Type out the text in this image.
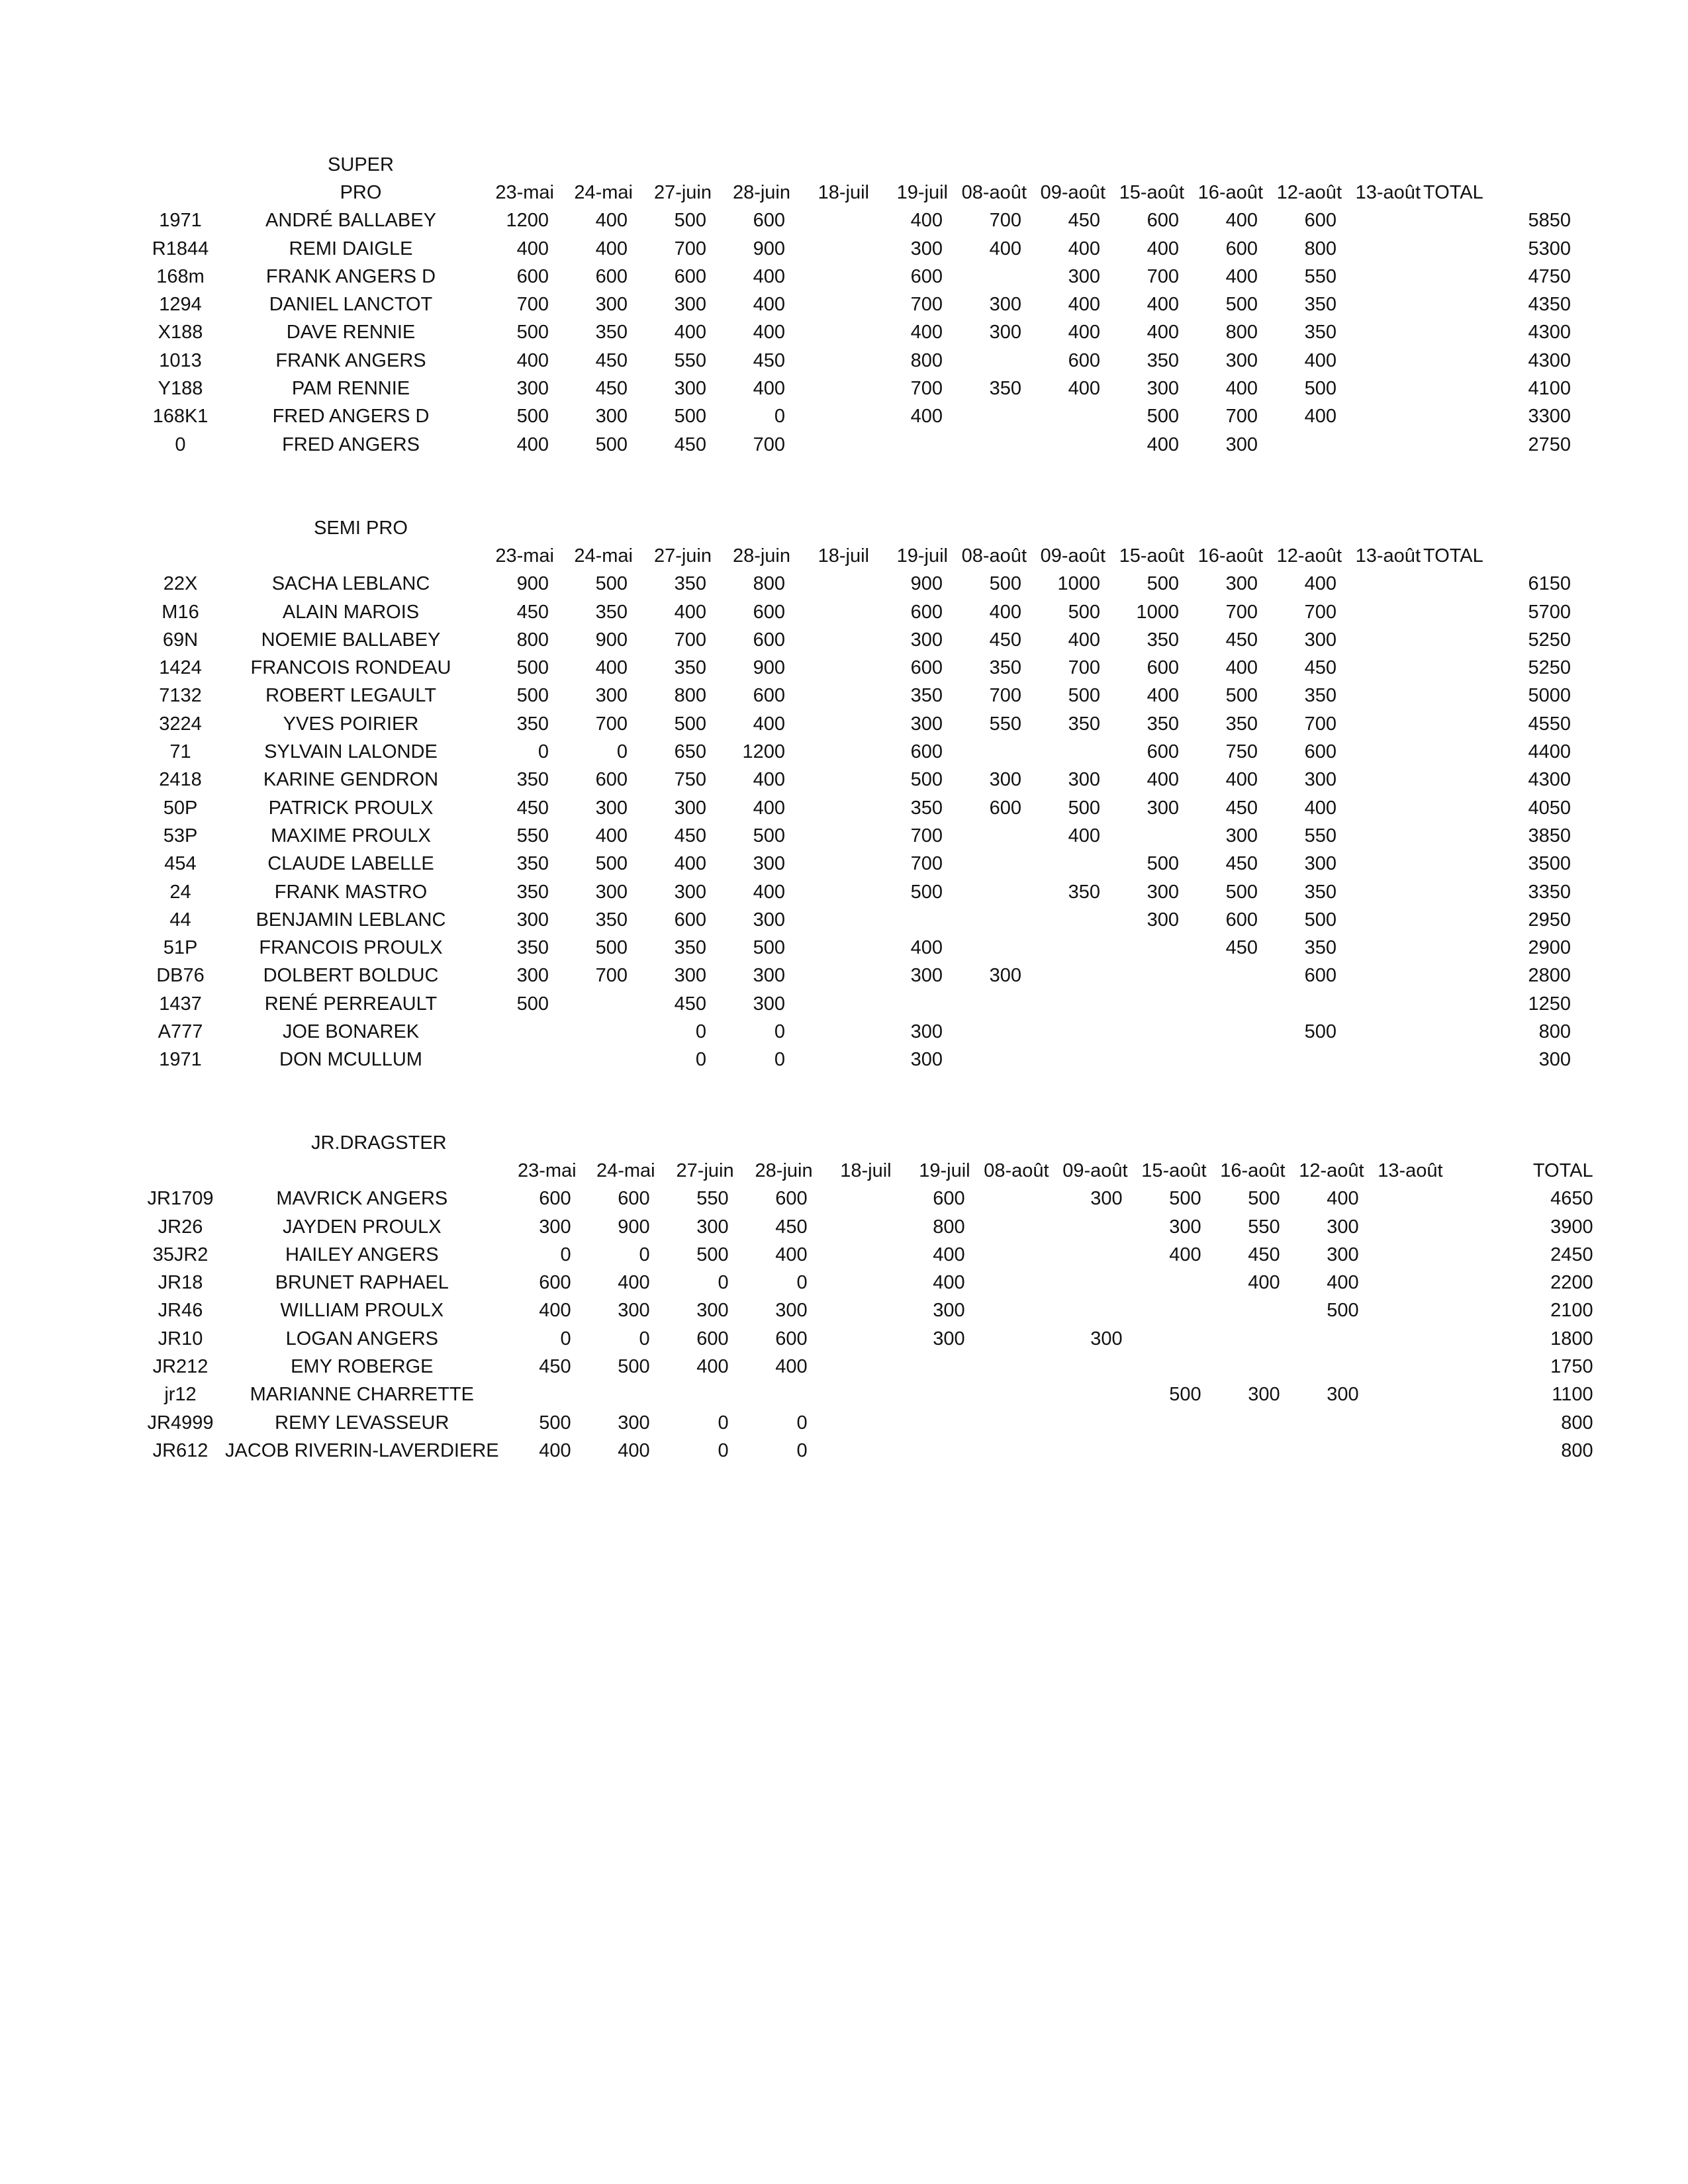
SUPER PRO
			23-mai	24-mai	27-juin	28-juin	18-juil	19-juil	08-août	09-août	15-août	16-août	12-août	13-août	TOTAL
1971	ANDRÉ BALLABEY	1200	400	500	600		400	700	450	600	400	600		5850
R1844	REMI DAIGLE	400	400	700	900		300	400	400	400	600	800		5300
168m	FRANK ANGERS D	600	600	600	400		600		300	700	400	550		4750
1294	DANIEL LANCTOT	700	300	300	400		700	300	400	400	500	350		4350
X188	DAVE RENNIE	500	350	400	400		400	300	400	400	800	350		4300
1013	FRANK ANGERS	400	450	550	450		800		600	350	300	400		4300
Y188	PAM RENNIE	300	450	300	400		700	350	400	300	400	500		4100
168K1	FRED ANGERS D	500	300	500	0		400			500	700	400		3300
0	FRED ANGERS	400	500	450	700					400	300			2750
SEMI PRO
		23-mai	24-mai	27-juin	28-juin	18-juil	19-juil	08-août	09-août	15-août	16-août	12-août	13-août	TOTAL
22X	SACHA LEBLANC	900	500	350	800		900	500	1000	500	300	400		6150
M16	ALAIN MAROIS	450	350	400	600		600	400	500	1000	700	700		5700
69N	NOEMIE BALLABEY	800	900	700	600		300	450	400	350	450	300		5250
1424	FRANCOIS RONDEAU	500	400	350	900		600	350	700	600	400	450		5250
7132	ROBERT LEGAULT	500	300	800	600		350	700	500	400	500	350		5000
3224	YVES POIRIER	350	700	500	400		300	550	350	350	350	700		4550
71	SYLVAIN LALONDE	0	0	650	1200		600			600	750	600		4400
2418	KARINE GENDRON	350	600	750	400		500	300	300	400	400	300		4300
50P	PATRICK PROULX	450	300	300	400		350	600	500	300	450	400		4050
53P	MAXIME PROULX	550	400	450	500		700		400		300	550		3850
454	CLAUDE LABELLE	350	500	400	300		700			500	450	300		3500
24	FRANK MASTRO	350	300	300	400		500		350	300	500	350		3350
44	BENJAMIN LEBLANC	300	350	600	300					300	600	500		2950
51P	FRANCOIS PROULX	350	500	350	500		400				450	350		2900
DB76	DOLBERT BOLDUC	300	700	300	300		300	300				600		2800
1437	RENÉ PERREAULT	500		450	300									1250
A777	JOE BONAREK			0	0		300					500		800
1971	DON MCULLUM			0	0		300							300
JR.DRAGSTER
		23-mai	24-mai	27-juin	28-juin	18-juil	19-juil	08-août	09-août	15-août	16-août	12-août	13-août	TOTAL
JR1709	MAVRICK ANGERS	600	600	550	600		600		300	500	500	400		4650
JR26	JAYDEN PROULX	300	900	300	450		800			300	550	300		3900
35JR2	HAILEY ANGERS	0	0	500	400		400			400	450	300		2450
JR18	BRUNET RAPHAEL	600	400	0	0		400				400	400		2200
JR46	WILLIAM PROULX	400	300	300	300		300					500		2100
JR10	LOGAN ANGERS	0	0	600	600		300		300					1800
JR212	EMY ROBERGE	450	500	400	400									1750
jr12	MARIANNE CHARRETTE									500	300	300		1100
JR4999	REMY LEVASSEUR	500	300	0	0									800
JR612	JACOB RIVERIN-LAVERDIERE	400	400	0	0									800
